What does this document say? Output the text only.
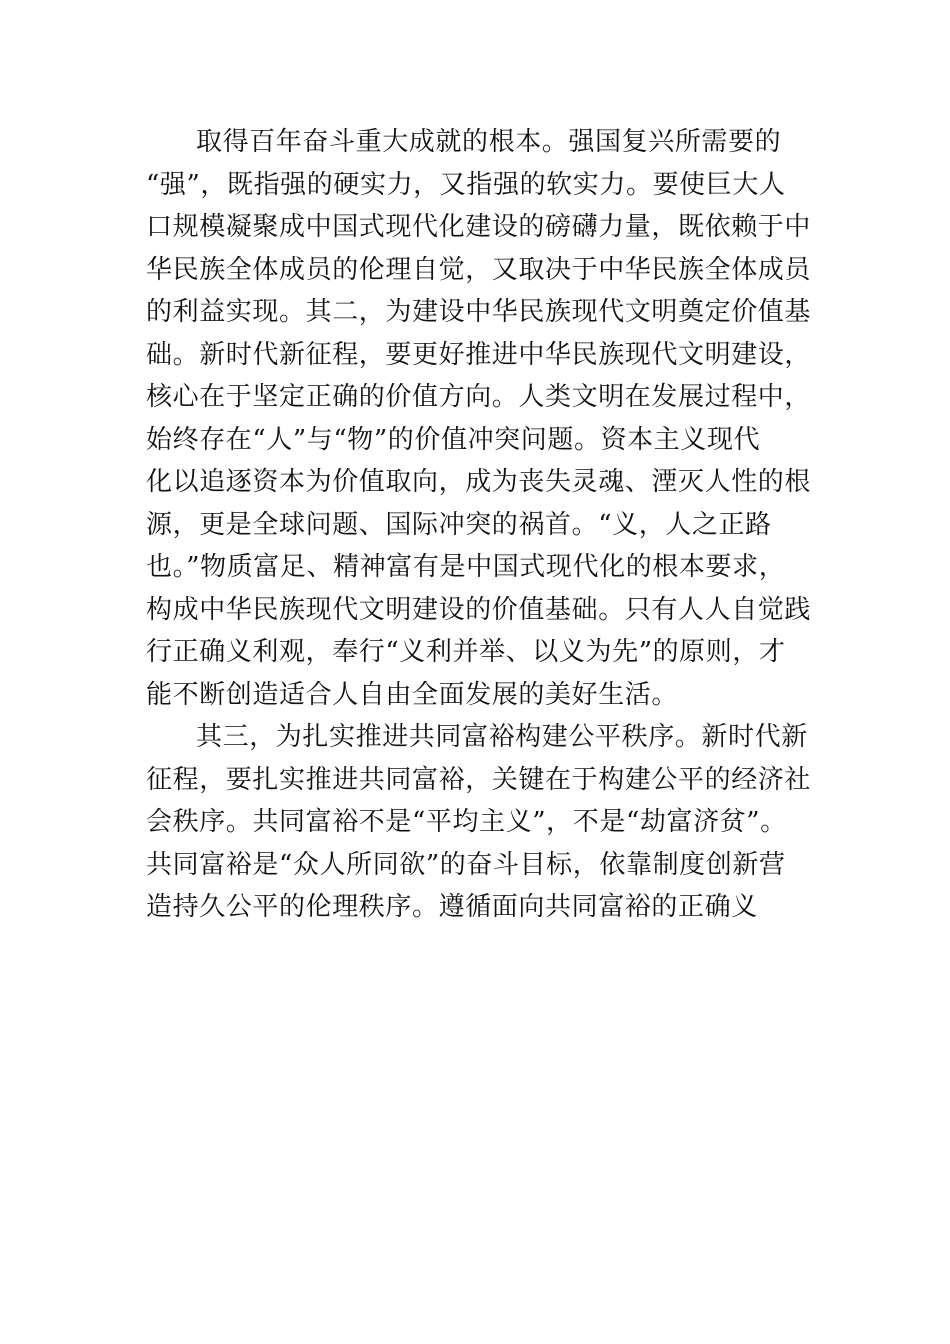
取得百年奋斗重大成就的根本。强国复兴所需要的
“强”，既指强的硬实力，又指强的软实力。要使巨大人
口规模凝聚成中国式现代化建设的磅礴力量，既依赖于中
华民族全体成员的伦理自觉，又取决于中华民族全体成员
的利益实现。其二，为建设中华民族现代文明奠定价值基
础。新时代新征程，要更好推进中华民族现代文明建设，
核心在于坚定正确的价值方向。人类文明在发展过程中，
始终存在“人”与“物”的价值冲突问题。资本主义现代
化以追逐资本为价值取向，成为丧失灵魂、湮灭人性的根
源，更是全球问题、国际冲突的祸首。“义，人之正路
也。”物质富足、精神富有是中国式现代化的根本要求，
构成中华民族现代文明建设的价值基础。只有人人自觉践
行正确义利观，奉行“义利并举、以义为先”的原则，才
能不断创造适合人自由全面发展的美好生活。
其三，为扎实推进共同富裕构建公平秩序。新时代新
征程，要扎实推进共同富裕，关键在于构建公平的经济社
会秩序。共同富裕不是“平均主义”，不是“劫富济贫”。
共同富裕是“众人所同欲”的奋斗目标，依靠制度创新营
造持久公平的伦理秩序。遵循面向共同富裕的正确义
